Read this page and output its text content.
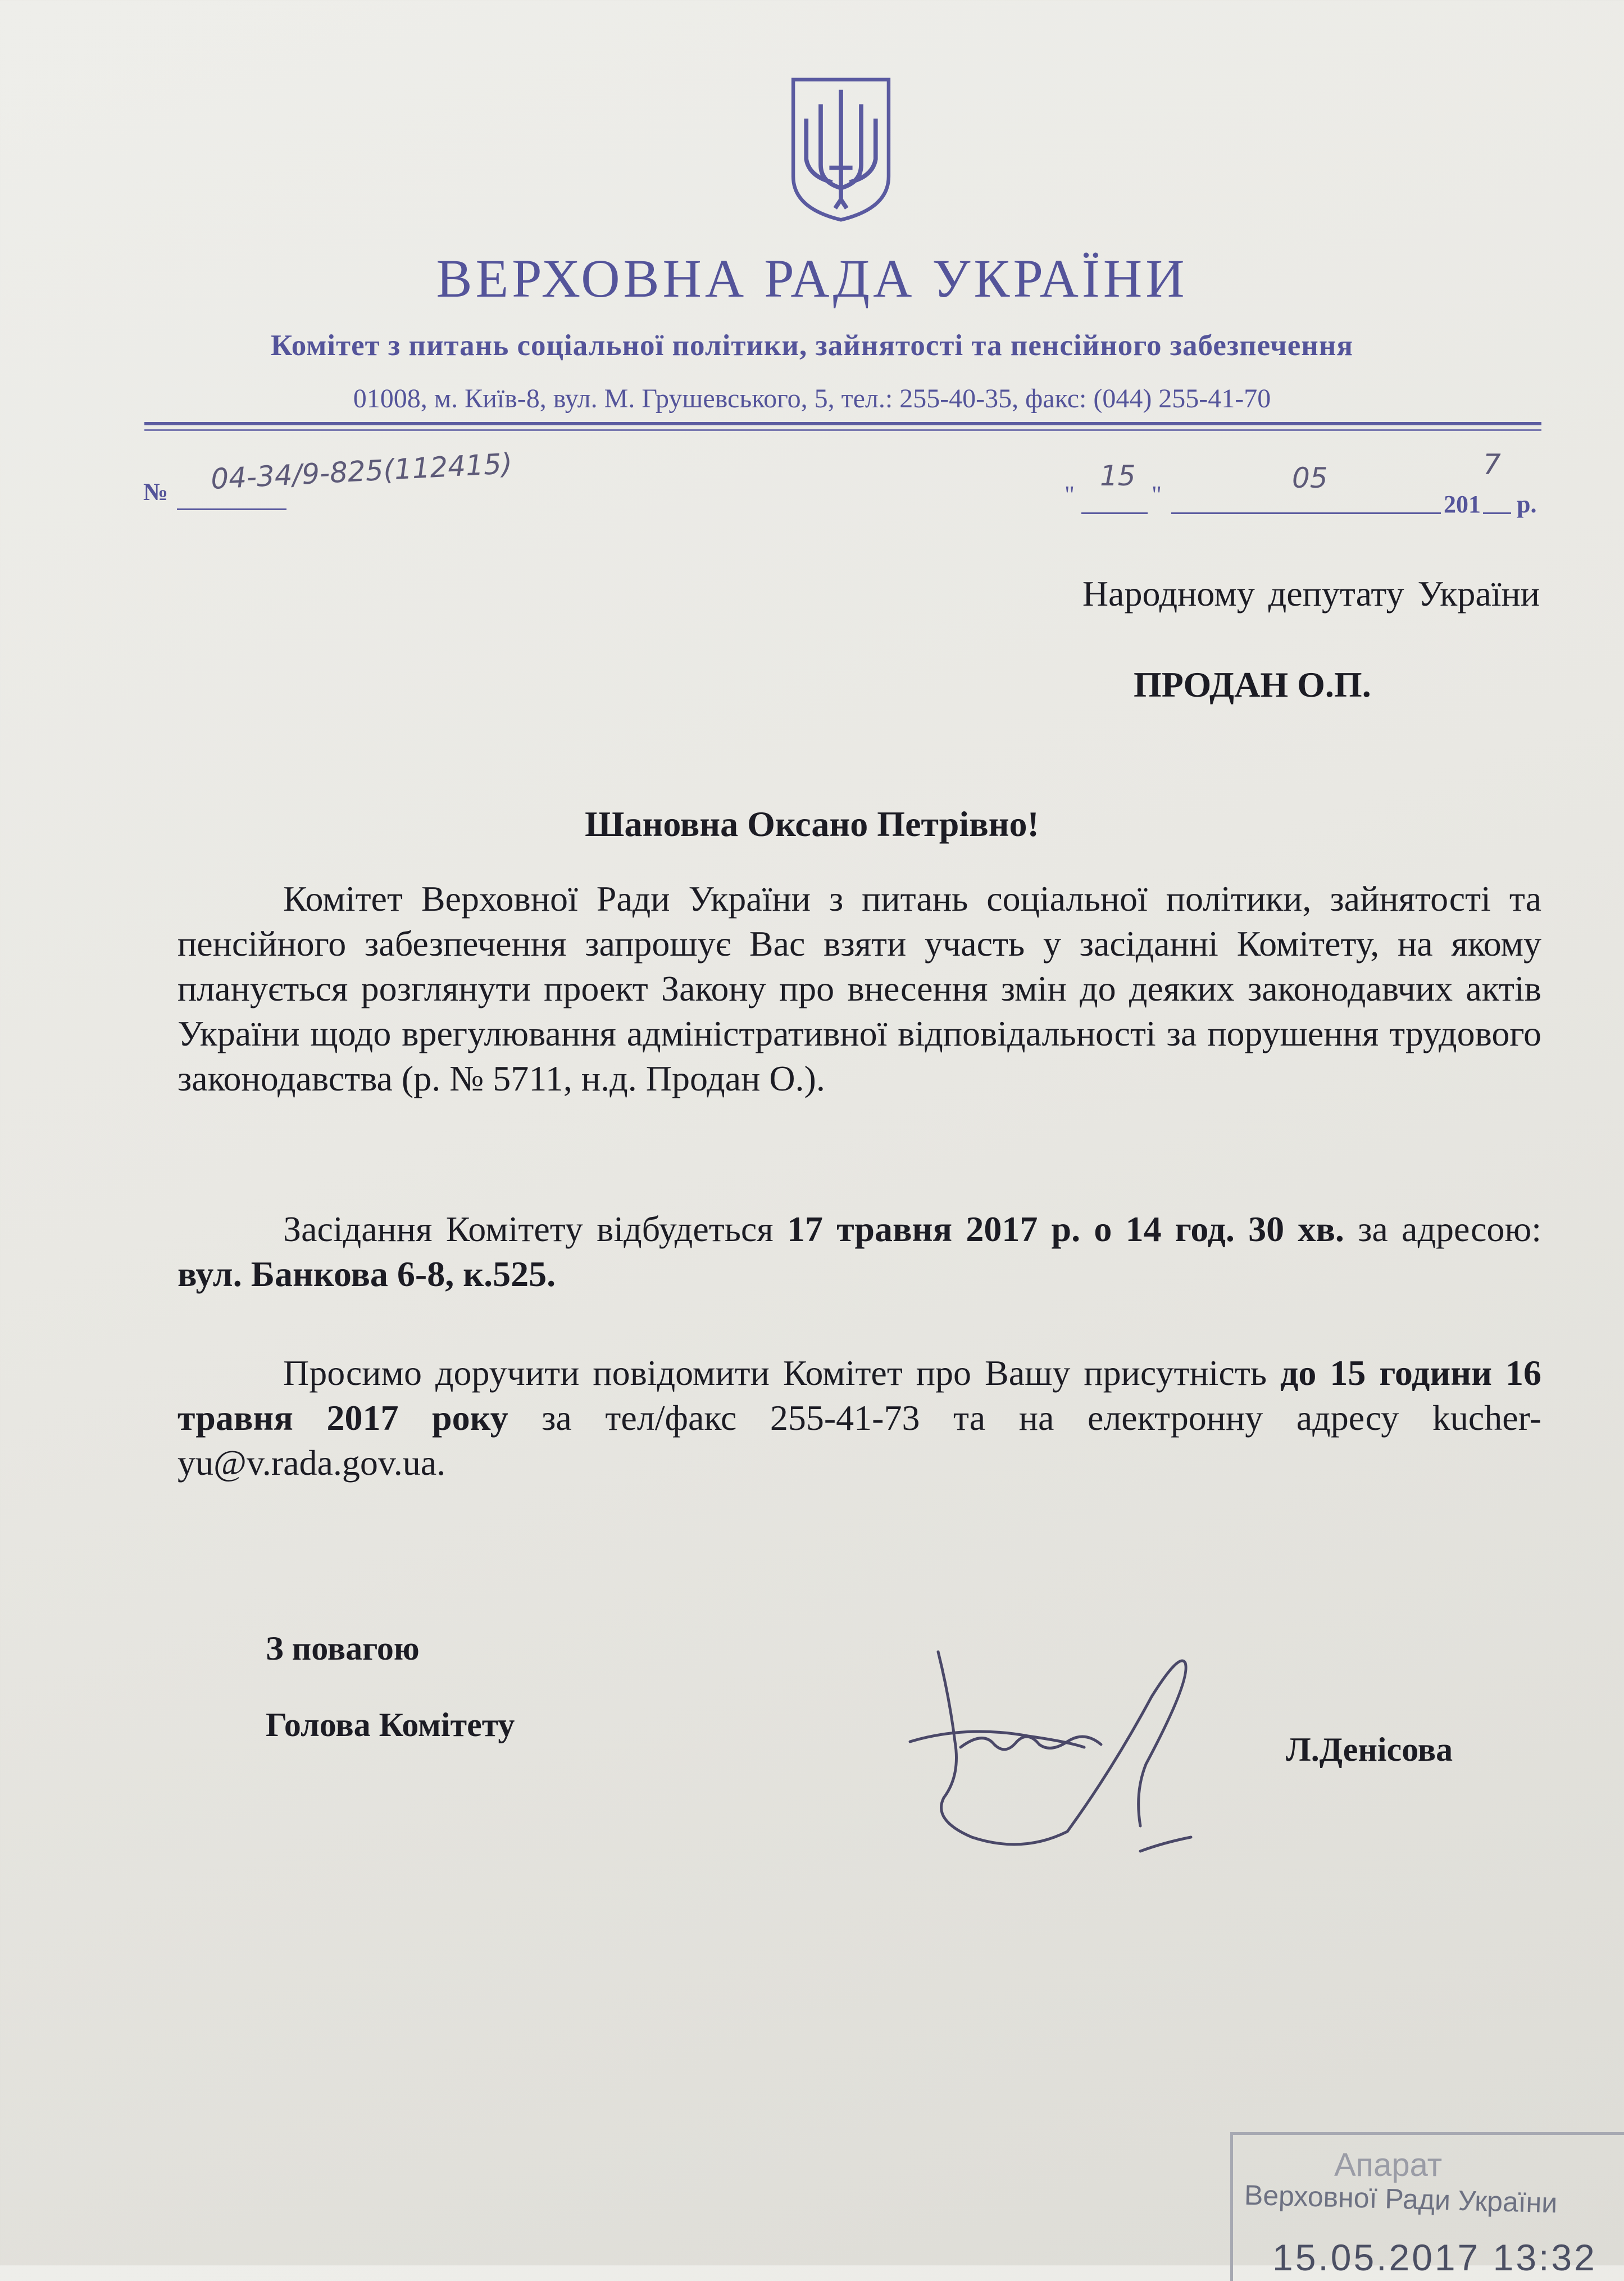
ВЕРХОВНА РАДА УКРАЇНИ
Комітет з питань соціальної політики, зайнятості та пенсійного забезпечення
01008, м. Київ-8, вул. М. Грушевського, 5, тел.: 255-40-35, факс: (044) 255-41-70
№ 04-34/9-825(112415)	"
15
"
05
201
7
р.
Народному депутату України
ПРОДАН О.П.
Шановна Оксано Петрівно!
Комітет Верховної Ради України з питань соціальної політики, зайнятості та пенсійного забезпечення запрошує Вас взяти участь у засіданні Комітету, на якому планується розглянути проект Закону про внесення змін до деяких законодавчих актів України щодо врегулювання адміністративної відповідальності за порушення трудового законодавства (р. № 5711, н.д. Продан О.).
Засідання Комітету відбудеться 17 травня 2017 р. о 14 год. 30 хв. за адресою: вул. Банкова 6-8, к.525.
Просимо доручити повідомити Комітет про Вашу присутність до 15 години 16 травня 2017 року за тел/факс 255-41-73 та на електронну адресу kucher-yu@v.rada.gov.ua.
З повагою
Голова Комітету
Л.Денісова
Апарат
Верховної Ради України
15.05.2017 13:32
